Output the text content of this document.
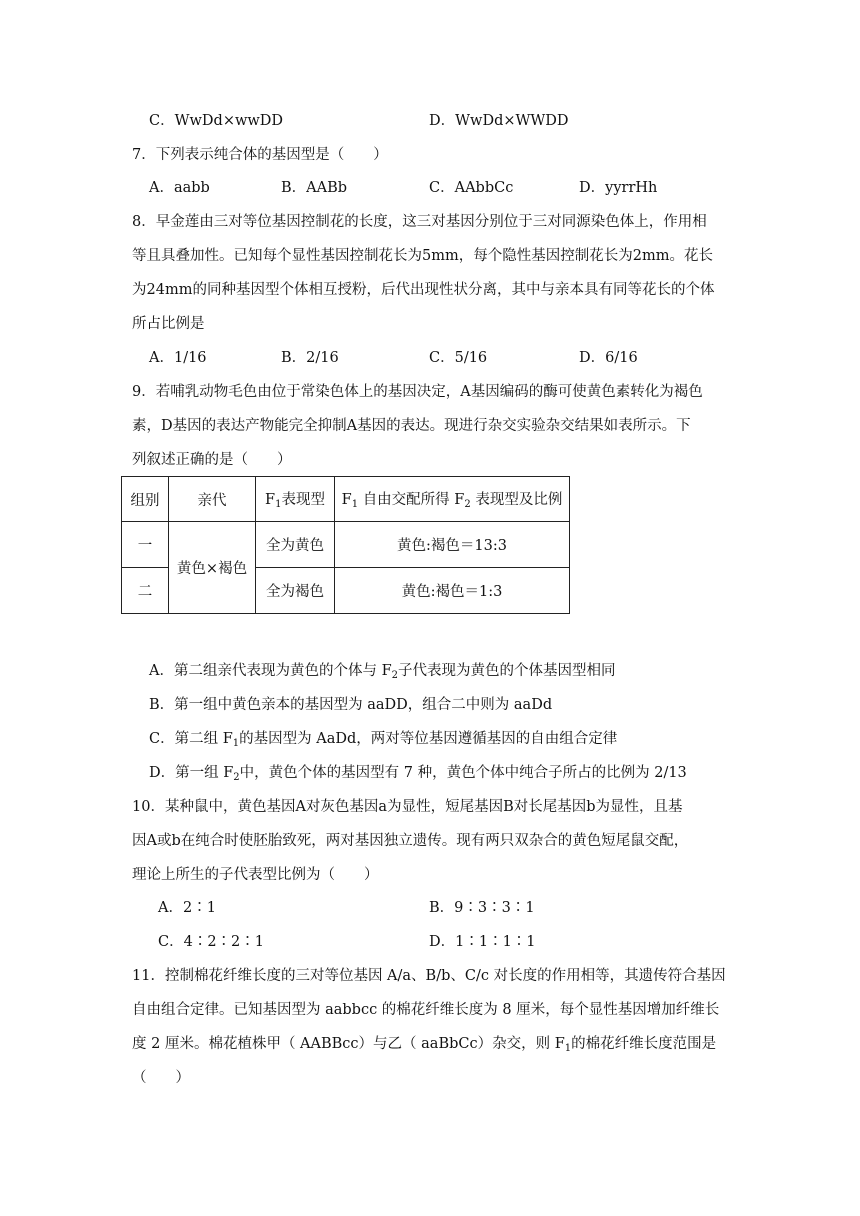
C．WwDd×wwDD	D．WwDd×WWDD
7．下列表示纯合体的基因型是（　　）
A．aabb	B．AABb	C．AAbbCc	D．yyrrHh
8．早金莲由三对等位基因控制花的长度，这三对基因分别位于三对同源染色体上，作用相
等且具叠加性。已知每个显性基因控制花长为5mm，每个隐性基因控制花长为2mm。花长
为24mm的同种基因型个体相互授粉，后代出现性状分离，其中与亲本具有同等花长的个体
所占比例是
A．1/16	B．2/16	C．5/16	D．6/16
9．若哺乳动物毛色由位于常染色体上的基因决定，A基因编码的酶可使黄色素转化为褐色
素，D基因的表达产物能完全抑制A基因的表达。现进行杂交实验杂交结果如表所示。下
列叙述正确的是（　　）
组别	亲代	$F_1$表现型	$F_1$ 自由交配所得 $F_2$ 表现型及比例
一	黄色×褐色	全为黄色	黄色:褐色＝13:3
二		全为褐色	黄色:褐色＝1:3
A．第二组亲代表现为黄色的个体与 $F_2$子代表现为黄色的个体基因型相同
B．第一组中黄色亲本的基因型为 aaDD，组合二中则为 aaDd
C．第二组 $F_1$的基因型为 AaDd，两对等位基因遵循基因的自由组合定律
D．第一组 $F_2$中，黄色个体的基因型有 7 种，黄色个体中纯合子所占的比例为 2/13
10．某种鼠中，黄色基因A对灰色基因a为显性，短尾基因B对长尾基因b为显性，且基
因A或b在纯合时使胚胎致死，两对基因独立遗传。现有两只双杂合的黄色短尾鼠交配，
理论上所生的子代表型比例为（　　）
A．2∶1	B．9∶3∶3∶1
C．4∶2∶2∶1	D．1∶1∶1∶1
11．控制棉花纤维长度的三对等位基因 A/a、B/b、C/c 对长度的作用相等，其遗传符合基因
自由组合定律。已知基因型为 aabbcc 的棉花纤维长度为 8 厘米，每个显性基因增加纤维长
度 2 厘米。棉花植株甲（ AABBcc）与乙（ aaBbCc）杂交，则 $F_1$的棉花纤维长度范围是
（　　）
